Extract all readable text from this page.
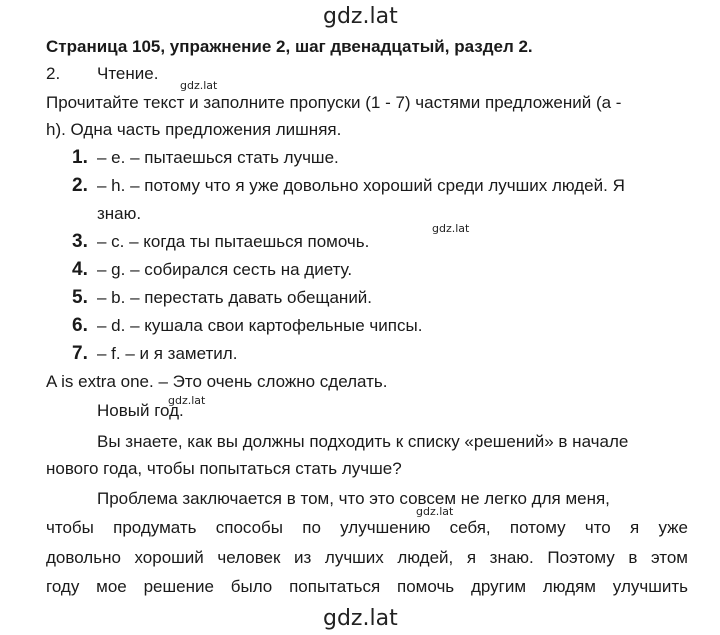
gdz.lat
gdz.lat
gdz.lat
gdz.lat
gdz.lat
gdz.lat
Страница 105, упражнение 2, шаг двенадцатый, раздел 2.
2. Чтение.
Прочитайте текст и заполните пропуски (1 - 7) частями предложений (a -
h). Одна часть предложения лишняя.
1. – e. – пытаешься стать лучше.
2. – h. – потому что я уже довольно хороший среди лучших людей. Я
знаю.
3. – c. – когда ты пытаешься помочь.
4. – g. – собирался сесть на диету.
5. – b. – перестать давать обещаний.
6. – d. – кушала свои картофельные чипсы.
7. – f. – и я заметил.
A is extra one. – Это очень сложно сделать.
Новый год.
Вы знаете, как вы должны подходить к списку «решений» в начале
нового года, чтобы попытаться стать лучше?
Проблема заключается в том, что это совсем не легко для меня,
чтобы продумать способы по улучшению себя, потому что я уже
довольно хороший человек из лучших людей, я знаю. Поэтому в этом
году мое решение было попытаться помочь другим людям улучшить
